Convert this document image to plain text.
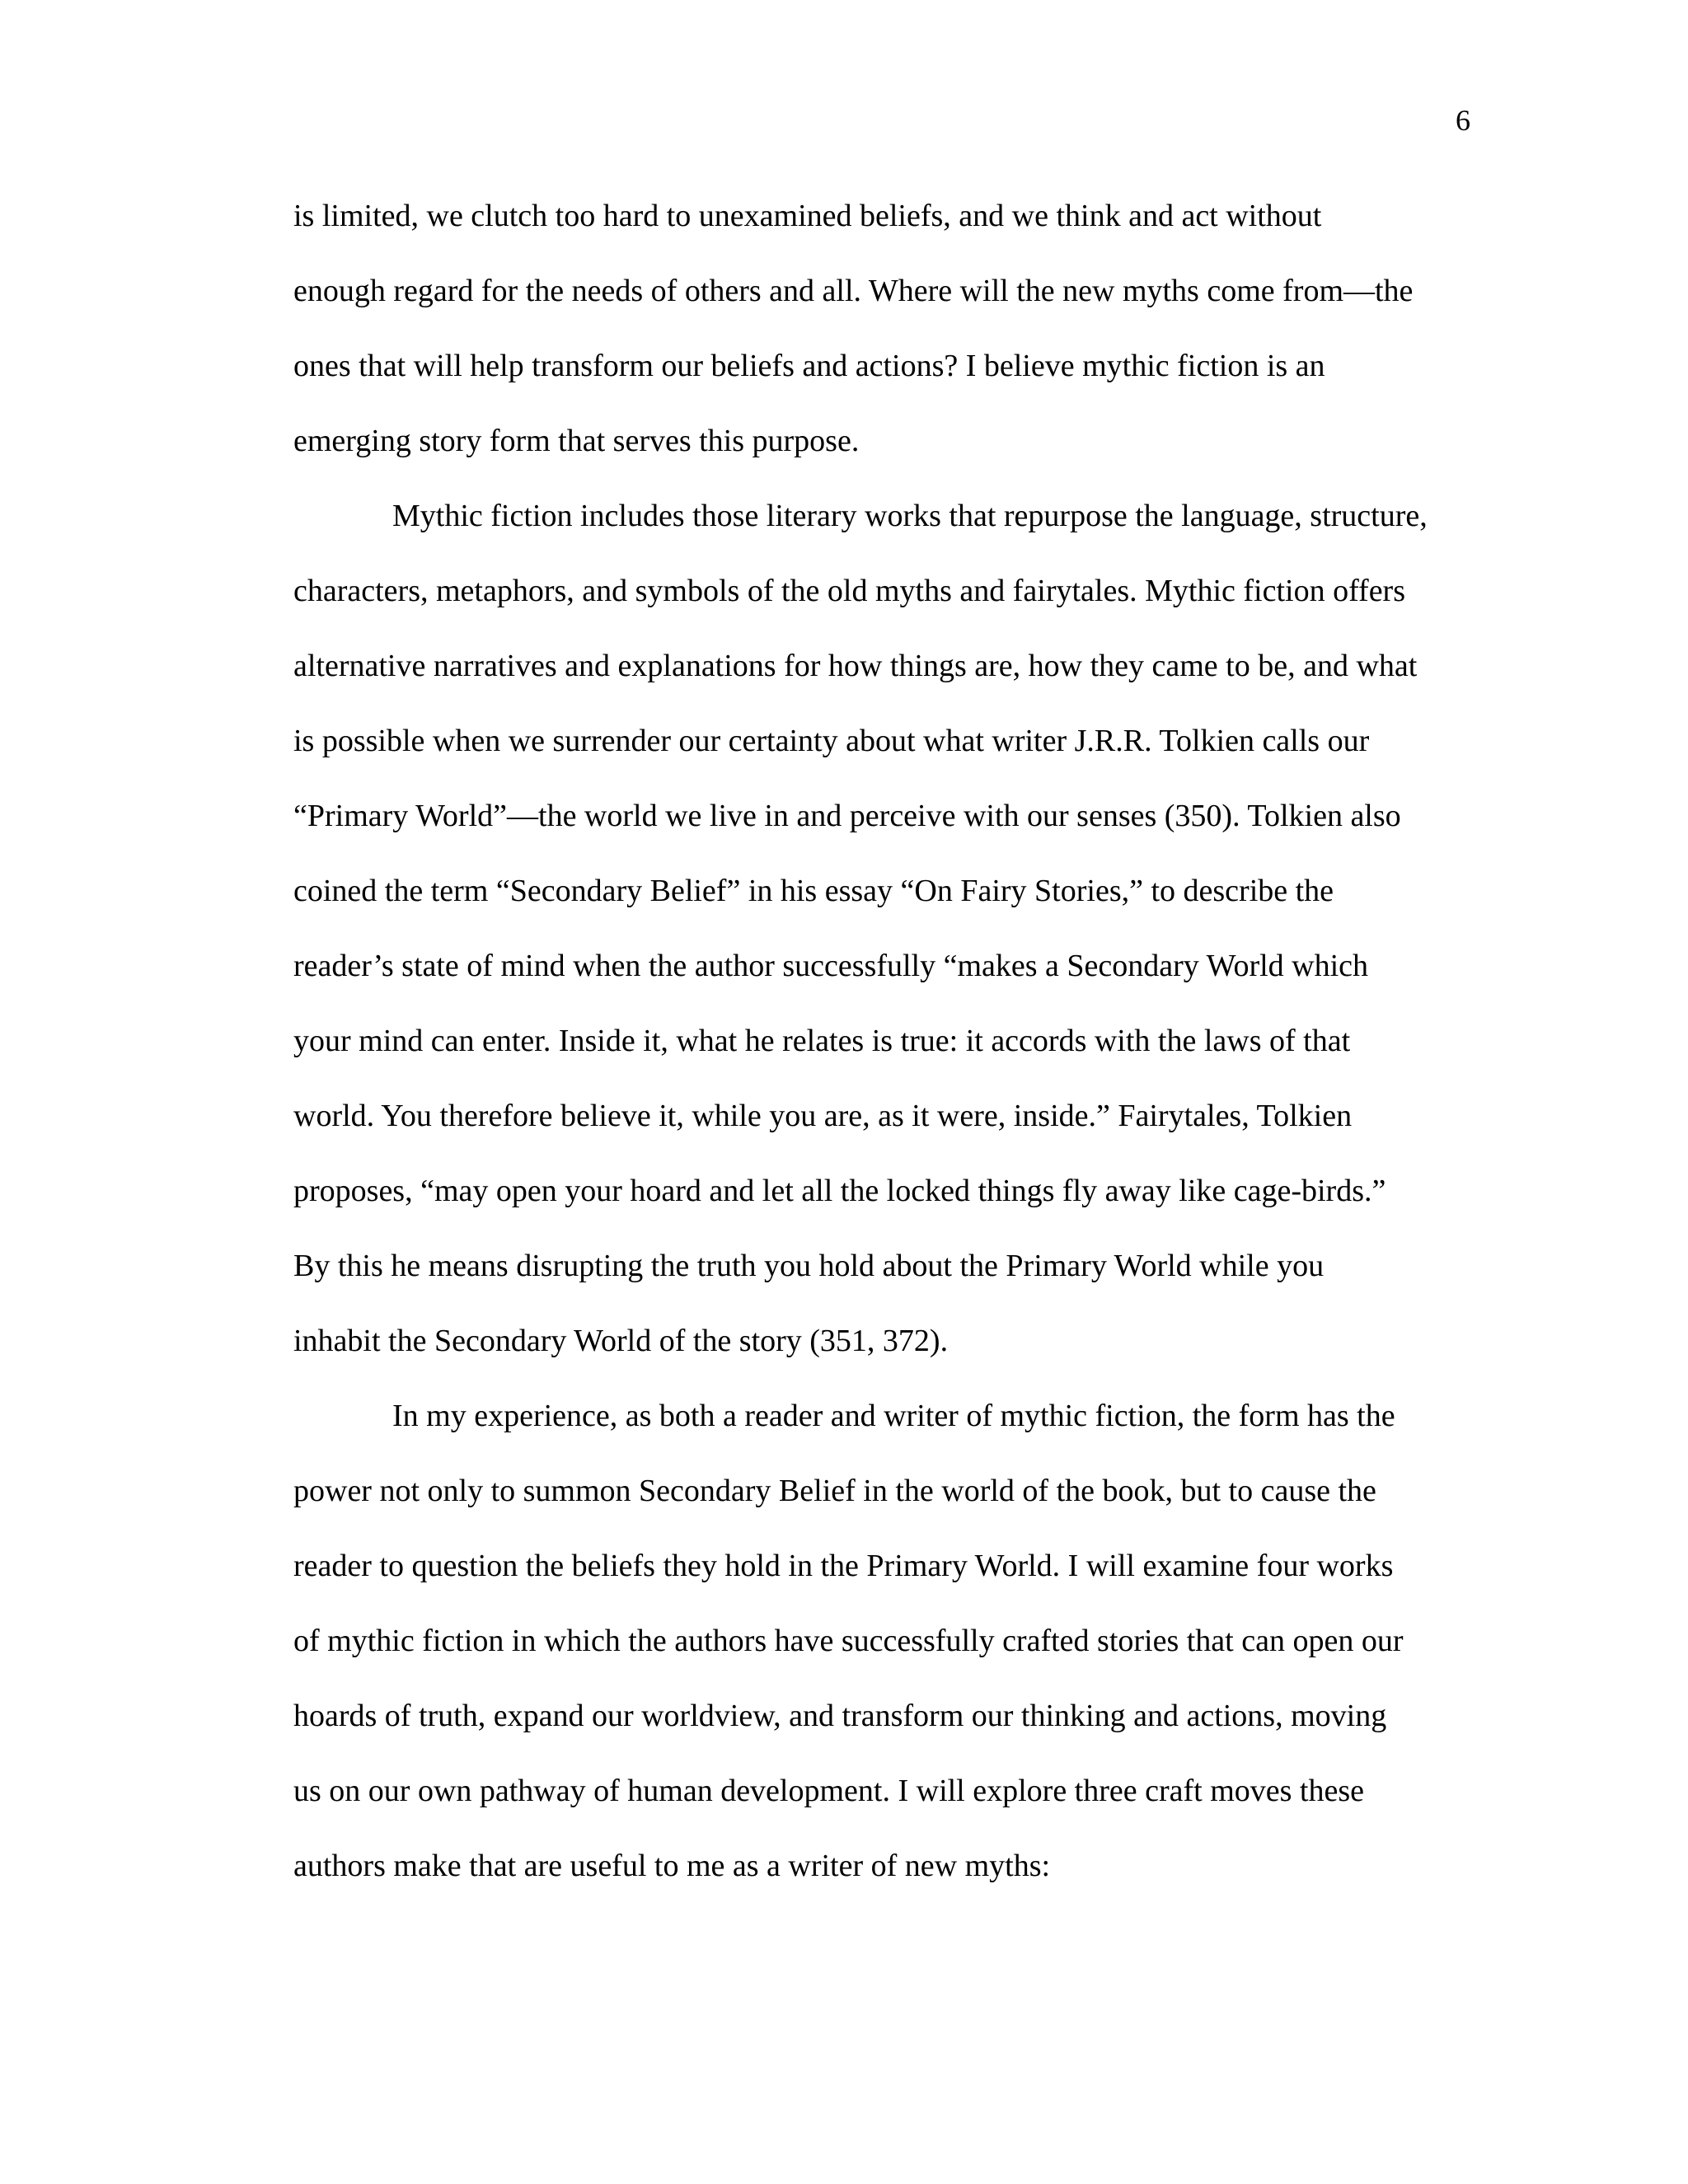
6
is limited, we clutch too hard to unexamined beliefs, and we think and act without
enough regard for the needs of others and all. Where will the new myths come from—the
ones that will help transform our beliefs and actions? I believe mythic fiction is an
emerging story form that serves this purpose.
Mythic fiction includes those literary works that repurpose the language, structure,
characters, metaphors, and symbols of the old myths and fairytales. Mythic fiction offers
alternative narratives and explanations for how things are, how they came to be, and what
is possible when we surrender our certainty about what writer J.R.R. Tolkien calls our
“Primary World”—the world we live in and perceive with our senses (350). Tolkien also
coined the term “Secondary Belief” in his essay “On Fairy Stories,” to describe the
reader’s state of mind when the author successfully “makes a Secondary World which
your mind can enter. Inside it, what he relates is true: it accords with the laws of that
world. You therefore believe it, while you are, as it were, inside.” Fairytales, Tolkien
proposes, “may open your hoard and let all the locked things fly away like cage-birds.”
By this he means disrupting the truth you hold about the Primary World while you
inhabit the Secondary World of the story (351, 372).
In my experience, as both a reader and writer of mythic fiction, the form has the
power not only to summon Secondary Belief in the world of the book, but to cause the
reader to question the beliefs they hold in the Primary World. I will examine four works
of mythic fiction in which the authors have successfully crafted stories that can open our
hoards of truth, expand our worldview, and transform our thinking and actions, moving
us on our own pathway of human development. I will explore three craft moves these
authors make that are useful to me as a writer of new myths:
